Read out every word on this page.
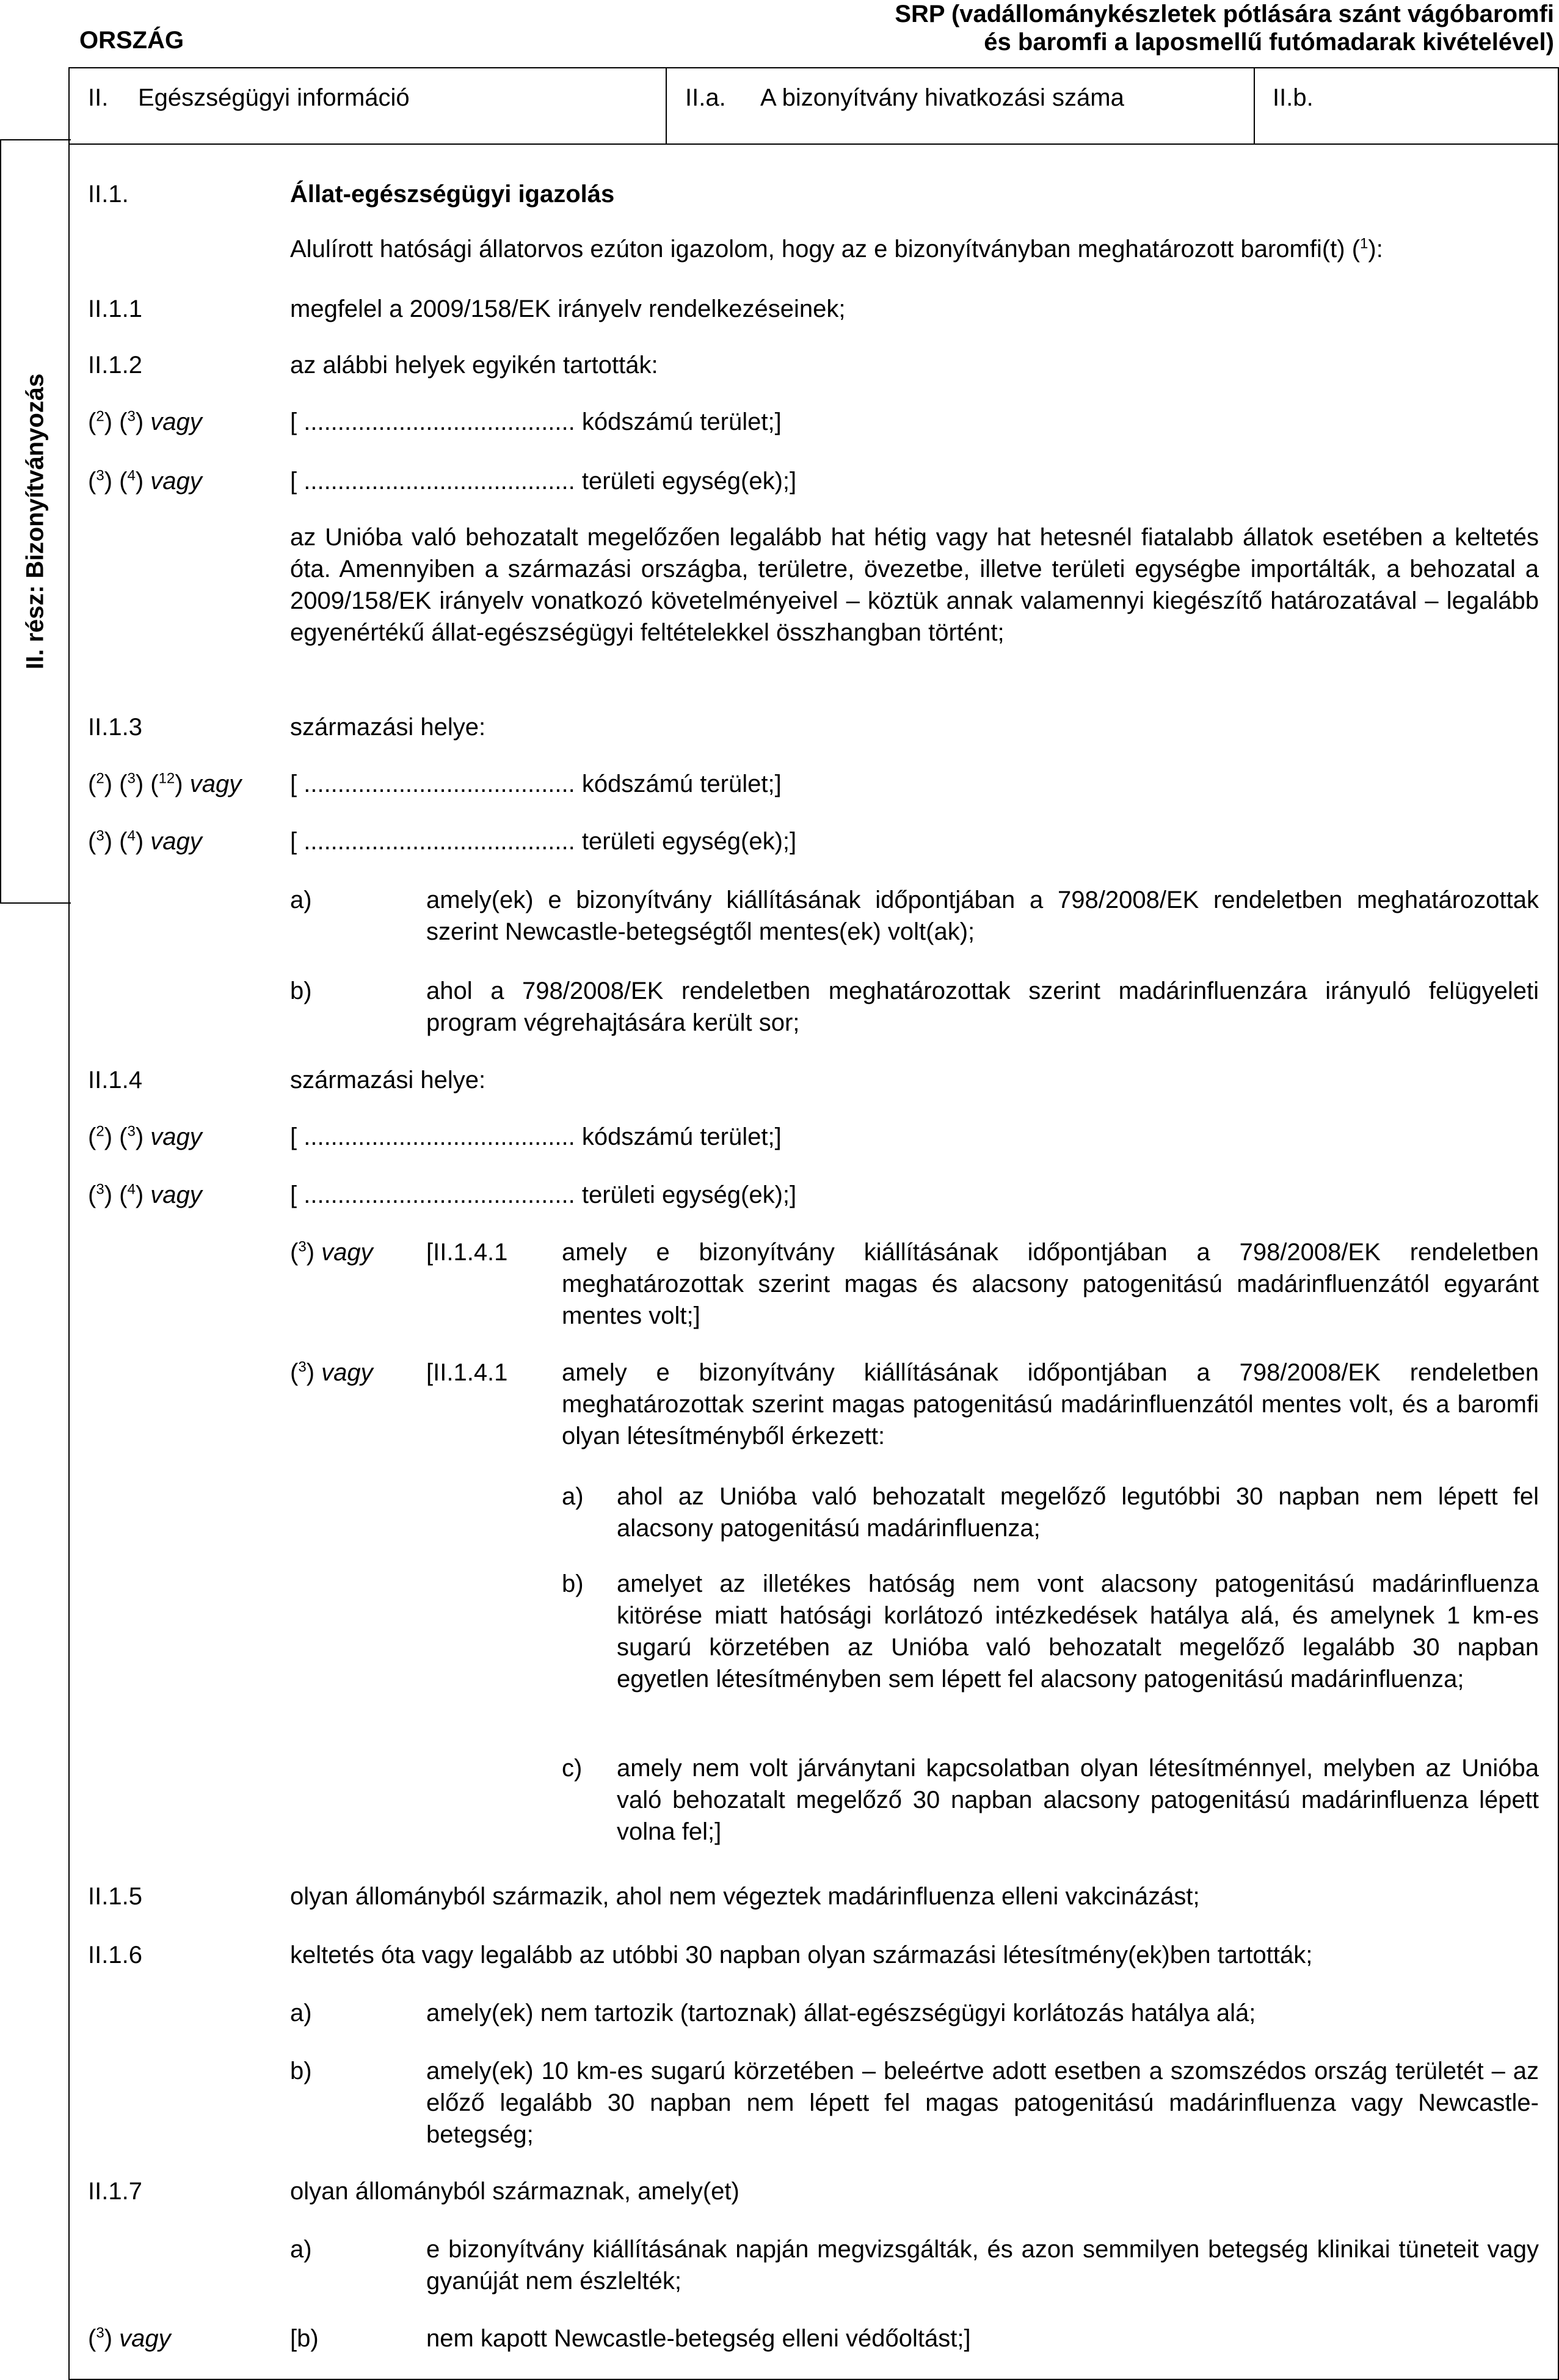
ORSZÁG
SRP (vadállománykészletek pótlására szánt vágóbaromfi
és baromfi a laposmellű futómadarak kivételével)
II. Egészségügyi információ	II.a. A bizonyítvány hivatkozási száma	II.b.
II. rész: Bizonyítványozás
II.1.	Állat-egészségügyi igazolás
Alulírott hatósági állatorvos ezúton igazolom, hogy az e bizonyítványban meghatározott baromfi(t) ($^1$):
II.1.1	megfelel a 2009/158/EK irányelv rendelkezéseinek;
II.1.2	az alábbi helyek egyikén tartották:
($^2$) ($^3$) vagy	[ ........................................ kódszámú terület;]
($^3$) ($^4$) vagy	[ ........................................ területi egység(ek);]
az Unióba való behozatalt megelőzően legalább hat hétig vagy hat hetesnél fiatalabb állatok esetében a keltetés óta. Amennyiben a származási országba, területre, övezetbe, illetve területi egységbe importálták, a behozatal a 2009/158/EK irányelv vonatkozó követelményeivel – köztük annak valamennyi kiegészítő határozatával – legalább egyenértékű állat-egészségügyi feltételekkel összhangban történt;
II.1.3	származási helye:
($^2$) ($^3$) ($^{12}$) vagy [ ........................................ kódszámú terület;]
($^3$) ($^4$) vagy	[ ........................................ területi egység(ek);]
a)	amely(ek) e bizonyítvány kiállításának időpontjában a 798/2008/EK rendeletben meghatározottak szerint Newcastle-betegségtől mentes(ek) volt(ak);
b)	ahol a 798/2008/EK rendeletben meghatározottak szerint madárinfluenzára irányuló felügyeleti program végrehajtására került sor;
II.1.4	származási helye:
($^2$) ($^3$) vagy	[ ........................................ kódszámú terület;]
($^3$) ($^4$) vagy	[ ........................................ területi egység(ek);]
($^3$) vagy [II.1.4.1 amely e bizonyítvány kiállításának időpontjában a 798/2008/EK rendeletben meghatározottak szerint magas és alacsony patogenitású madárinfluenzától egyaránt mentes volt;]
($^3$) vagy [II.1.4.1 amely e bizonyítvány kiállításának időpontjában a 798/2008/EK rendeletben meghatározottak szerint magas patogenitású madárinfluenzától mentes volt, és a baromfi olyan létesítményből érkezett:
a) ahol az Unióba való behozatalt megelőző legutóbbi 30 napban nem lépett fel alacsony patogenitású madárinfluenza;
b) amelyet az illetékes hatóság nem vont alacsony patogenitású madárinfluenza kitörése miatt hatósági korlátozó intézkedések hatálya alá, és amelynek 1 km-es sugarú körzetében az Unióba való behozatalt megelőző legalább 30 napban egyetlen létesítményben sem lépett fel alacsony patogenitású madárinfluenza;
c) amely nem volt járványtani kapcsolatban olyan létesítménnyel, melyben az Unióba való behozatalt megelőző 30 napban alacsony patogenitású madárinfluenza lépett volna fel;]
II.1.5	olyan állományból származik, ahol nem végeztek madárinfluenza elleni vakcinázást;
II.1.6	keltetés óta vagy legalább az utóbbi 30 napban olyan származási létesítmény(ek)ben tartották;
a)	amely(ek) nem tartozik (tartoznak) állat-egészségügyi korlátozás hatálya alá;
b)	amely(ek) 10 km-es sugarú körzetében – beleértve adott esetben a szomszédos ország területét – az előző legalább 30 napban nem lépett fel magas patogenitású madárinfluenza vagy Newcastle-betegség;
II.1.7	olyan állományból származnak, amely(et)
a)	e bizonyítvány kiállításának napján megvizsgálták, és azon semmilyen betegség klinikai tüneteit vagy gyanúját nem észlelték;
($^3$) vagy	[b)	nem kapott Newcastle-betegség elleni védőoltást;]
